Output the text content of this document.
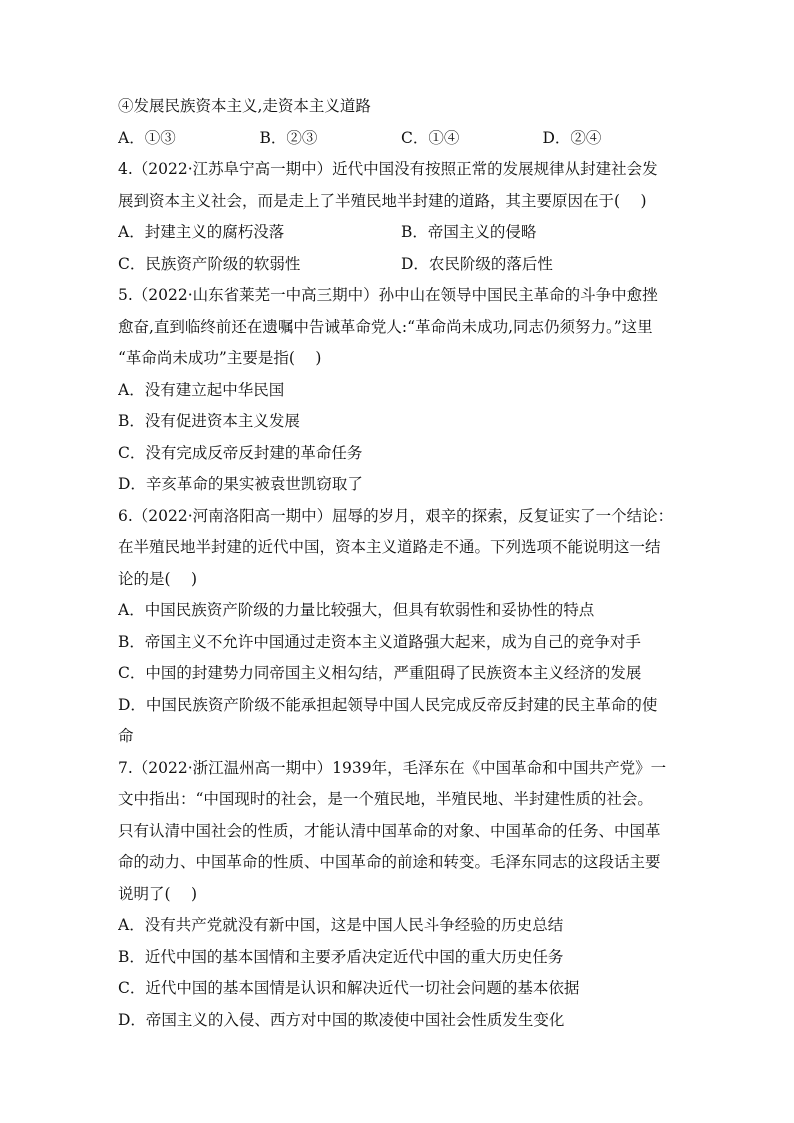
④发展民族资本主义,走资本主义道路
A．①③	B．②③	C．①④	D．②④
4.（2022·江苏阜宁高一期中）近代中国没有按照正常的发展规律从封建社会发
展到资本主义社会，而是走上了半殖民地半封建的道路，其主要原因在于(　 )
A．封建主义的腐朽没落	B．帝国主义的侵略
C．民族资产阶级的软弱性	D．农民阶级的落后性
5.（2022·山东省莱芜一中高三期中）孙中山在领导中国民主革命的斗争中愈挫
愈奋,直到临终前还在遗嘱中告诫革命党人:“革命尚未成功,同志仍须努力。”这里
“革命尚未成功”主要是指(　 )
A．没有建立起中华民国
B．没有促进资本主义发展
C．没有完成反帝反封建的革命任务
D．辛亥革命的果实被袁世凯窃取了
6.（2022·河南洛阳高一期中）屈辱的岁月，艰辛的探索，反复证实了一个结论：
在半殖民地半封建的近代中国，资本主义道路走不通。下列选项不能说明这一结
论的是(　 )
A．中国民族资产阶级的力量比较强大，但具有软弱性和妥协性的特点
B．帝国主义不允许中国通过走资本主义道路强大起来，成为自己的竞争对手
C．中国的封建势力同帝国主义相勾结，严重阻碍了民族资本主义经济的发展
D．中国民族资产阶级不能承担起领导中国人民完成反帝反封建的民主革命的使
命
7.（2022·浙江温州高一期中）1939年，毛泽东在《中国革命和中国共产党》一
文中指出：“中国现时的社会，是一个殖民地，半殖民地、半封建性质的社会。
只有认清中国社会的性质，才能认清中国革命的对象、中国革命的任务、中国革
命的动力、中国革命的性质、中国革命的前途和转变。毛泽东同志的这段话主要
说明了(　 )
A．没有共产党就没有新中国，这是中国人民斗争经验的历史总结
B．近代中国的基本国情和主要矛盾决定近代中国的重大历史任务
C．近代中国的基本国情是认识和解决近代一切社会问题的基本依据
D．帝国主义的入侵、西方对中国的欺凌使中国社会性质发生变化
